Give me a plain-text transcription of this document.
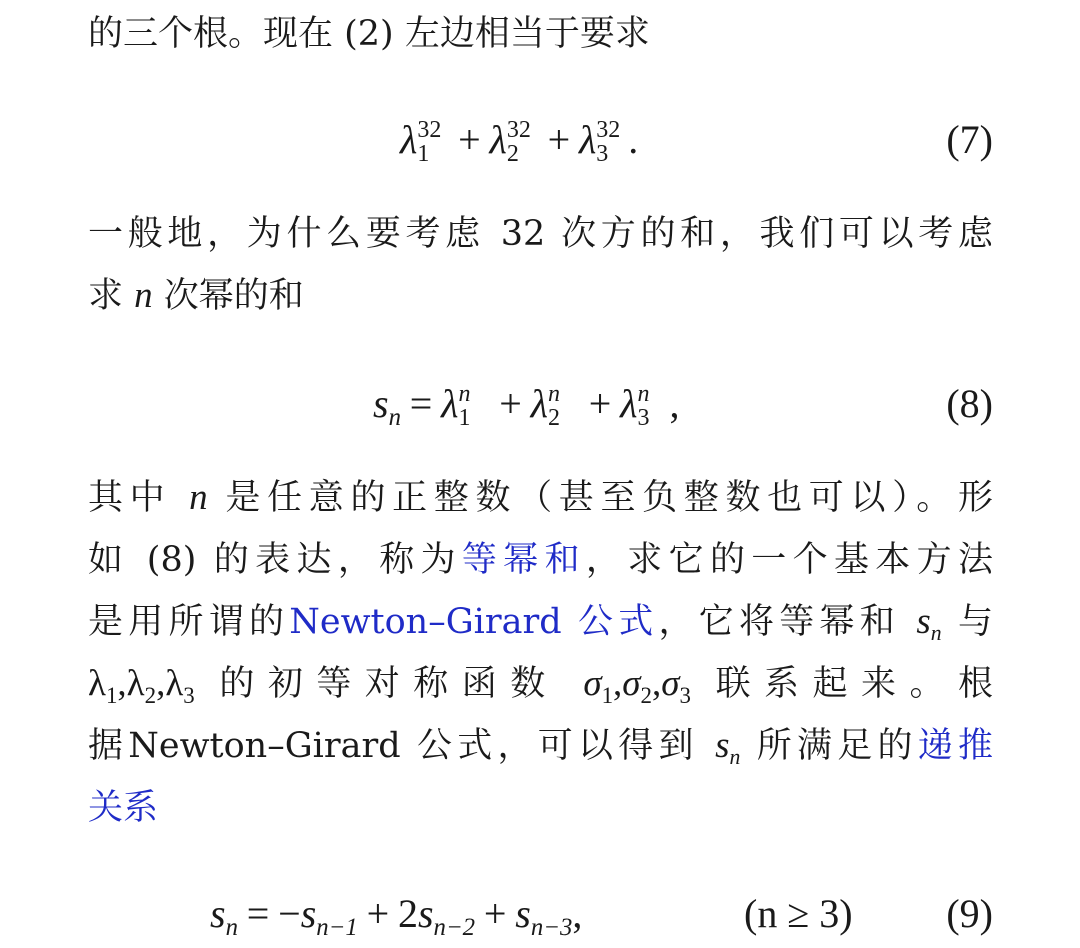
的三个根。现在 (2) 左边相当于要求
λ 32
1 + λ 32
2 + λ 32
3 .	(7)
一般地，为什么要考虑 32 次方的和，我们可以考虑
求 n 次幂的和
$s_n = \lambda$ n
1 + λ n
2 + λ n
3 ,	(8)
其中 n 是任意的正整数（甚至负整数也可以）。形
如 (8) 的表达，称为等幂和，求它的一个基本方法
是用所谓的Newton–Girard 公式，它将等幂和 $s_n$ 与
$\lambda_1,\lambda_2,\lambda_3$ 的初等对称函数 $\sigma_1,\sigma_2,\sigma_3$ 联系起来。根
据Newton–Girard 公式，可以得到 $s_n$ 所满足的递推
关系
$s_n = -s_{n-1} + 2s_{n-2} + s_{n-3}$,	(n ≥ 3) (9)
